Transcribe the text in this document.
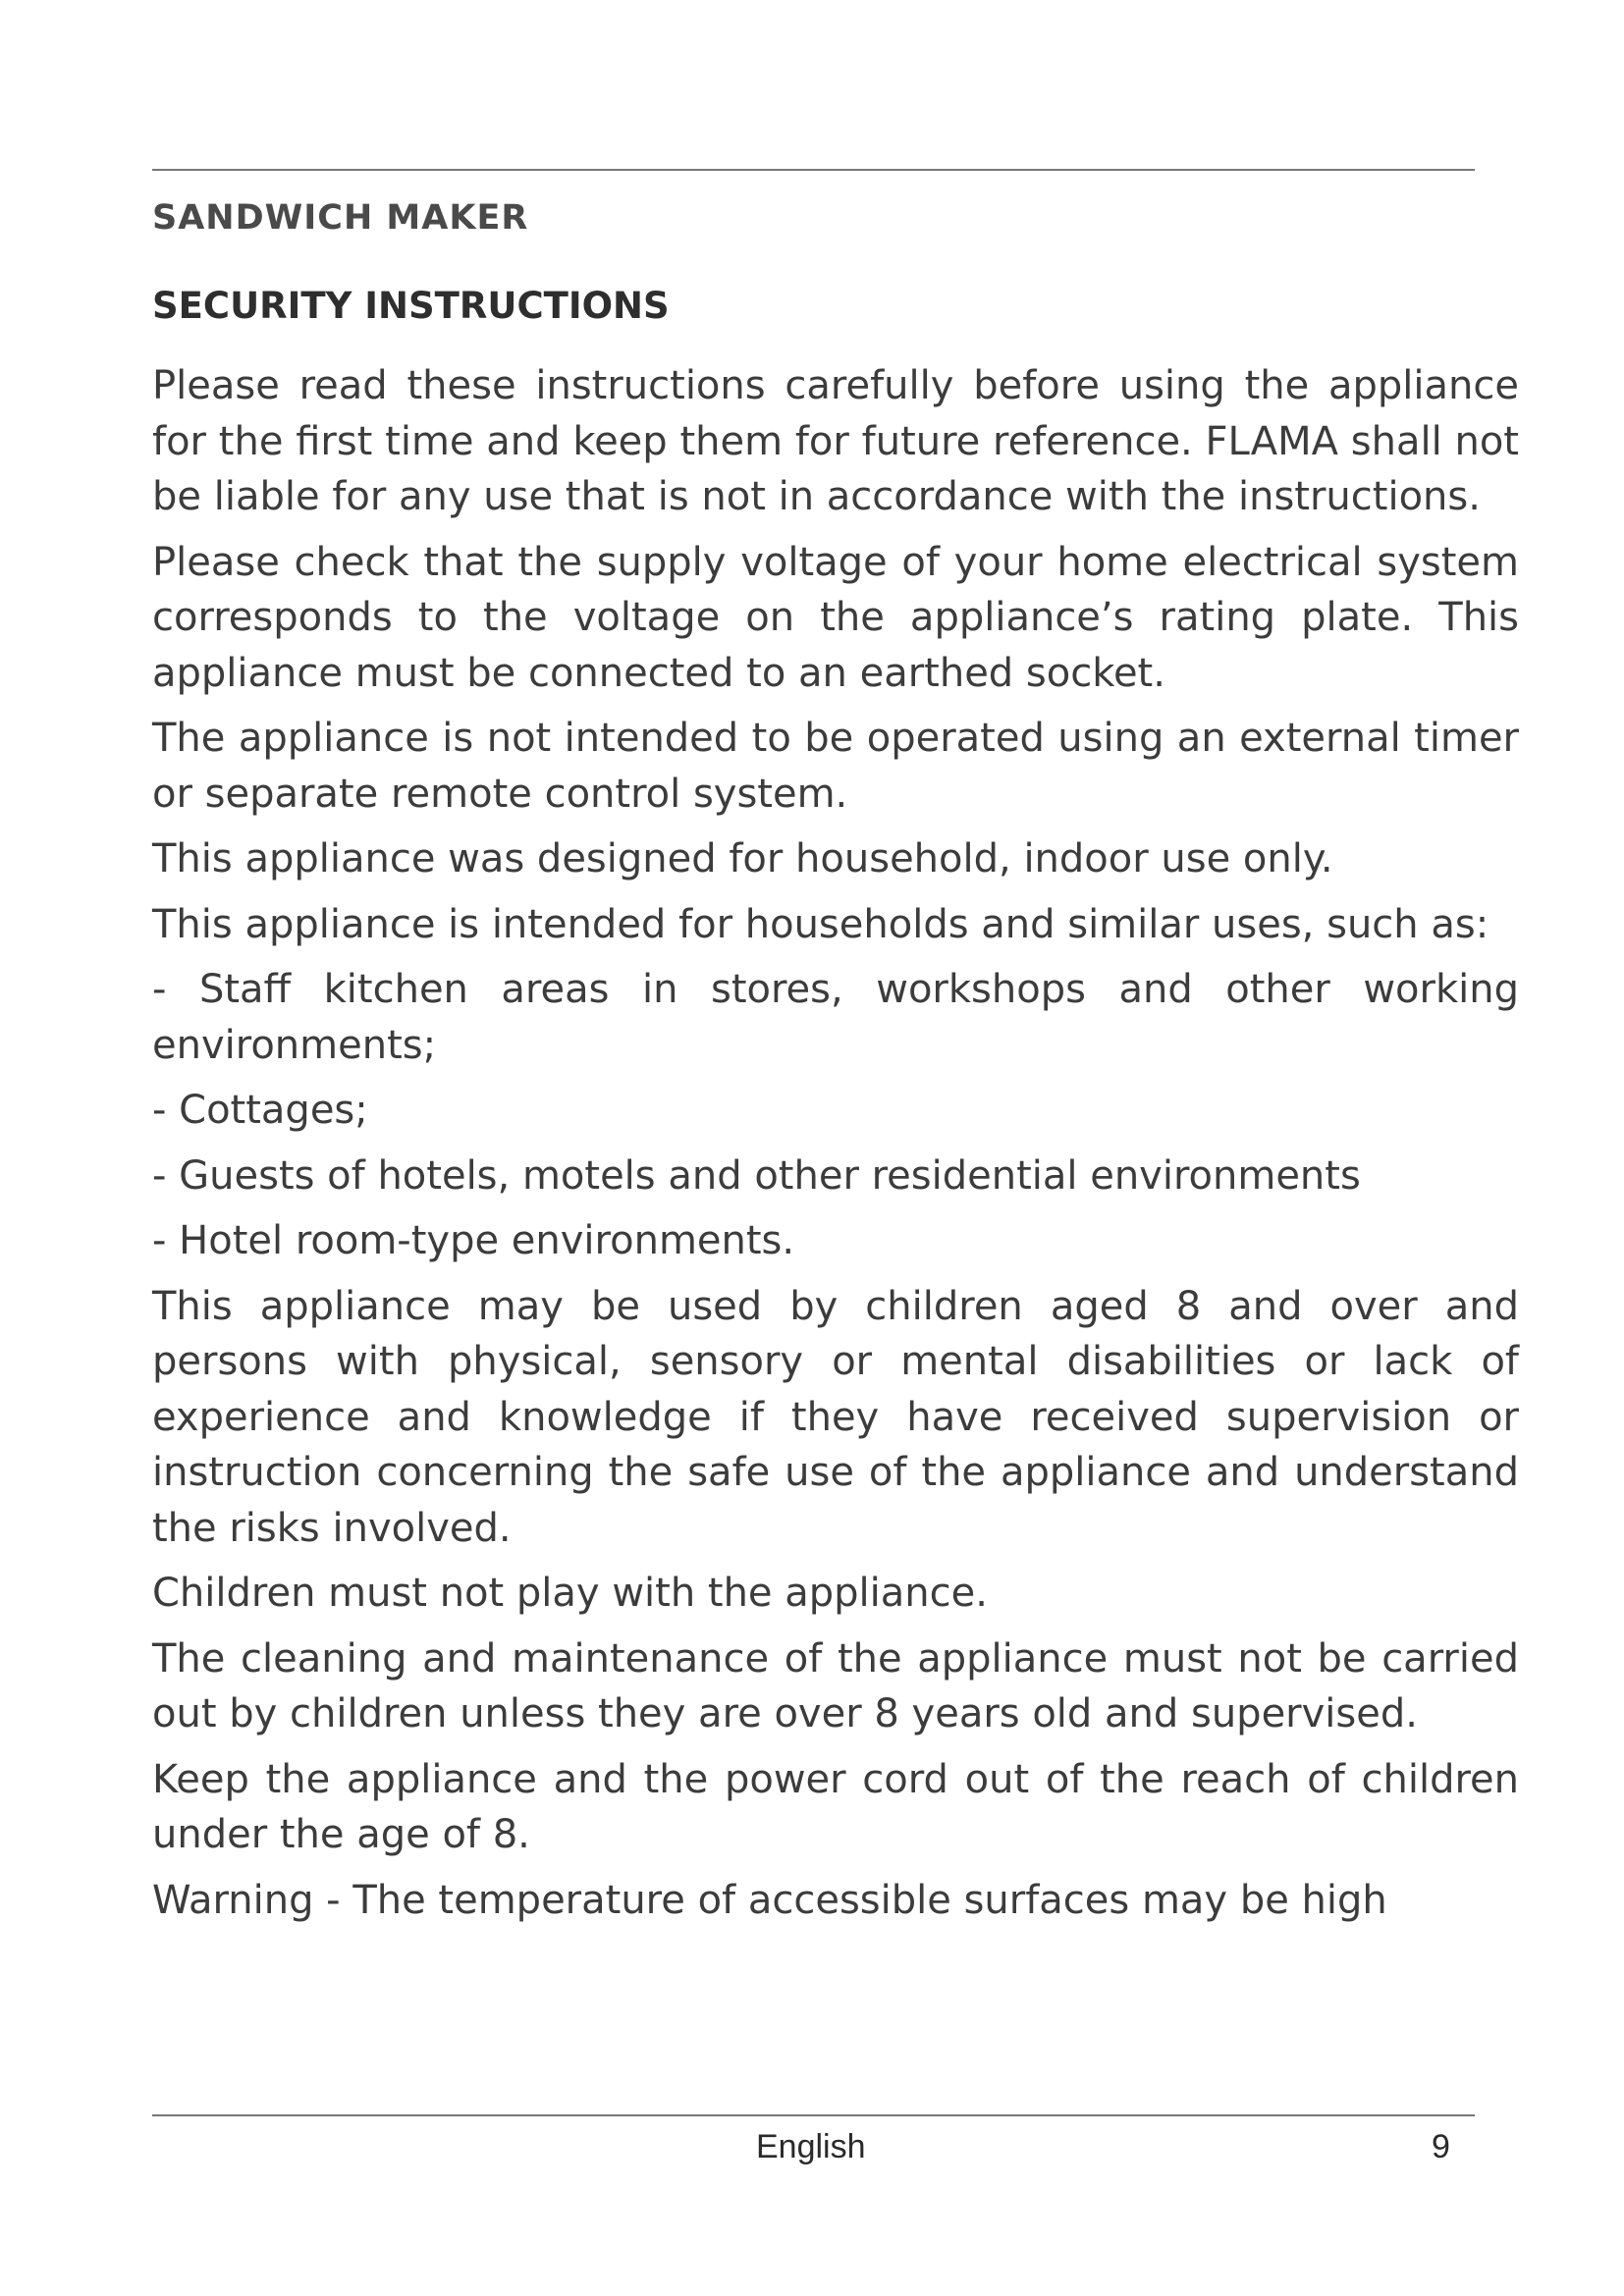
SANDWICH MAKER
SECURITY INSTRUCTIONS

Please read these instructions carefully before using the appliance for the first time and keep them for future reference. FLAMA shall not be liable for any use that is not in accordance with the instructions.

Please check that the supply voltage of your home electrical system corresponds to the voltage on the appliance’s rating plate. This appliance must be connected to an earthed socket.

The appliance is not intended to be operated using an external timer or separate remote control system.

This appliance was designed for household, indoor use only.

This appliance is intended for households and similar uses, such as:

- Staff kitchen areas in stores, workshops and other working environments;

- Cottages;

- Guests of hotels, motels and other residential environments

- Hotel room-type environments.

This appliance may be used by children aged 8 and over and persons with physical, sensory or mental disabilities or lack of experience and knowledge if they have received supervision or instruction concerning the safe use of the appliance and understand the risks involved.

Children must not play with the appliance.

The cleaning and maintenance of the appliance must not be carried out by children unless they are over 8 years old and supervised.

Keep the appliance and the power cord out of the reach of children under the age of 8.

Warning - The temperature of accessible surfaces may be high

English	9
